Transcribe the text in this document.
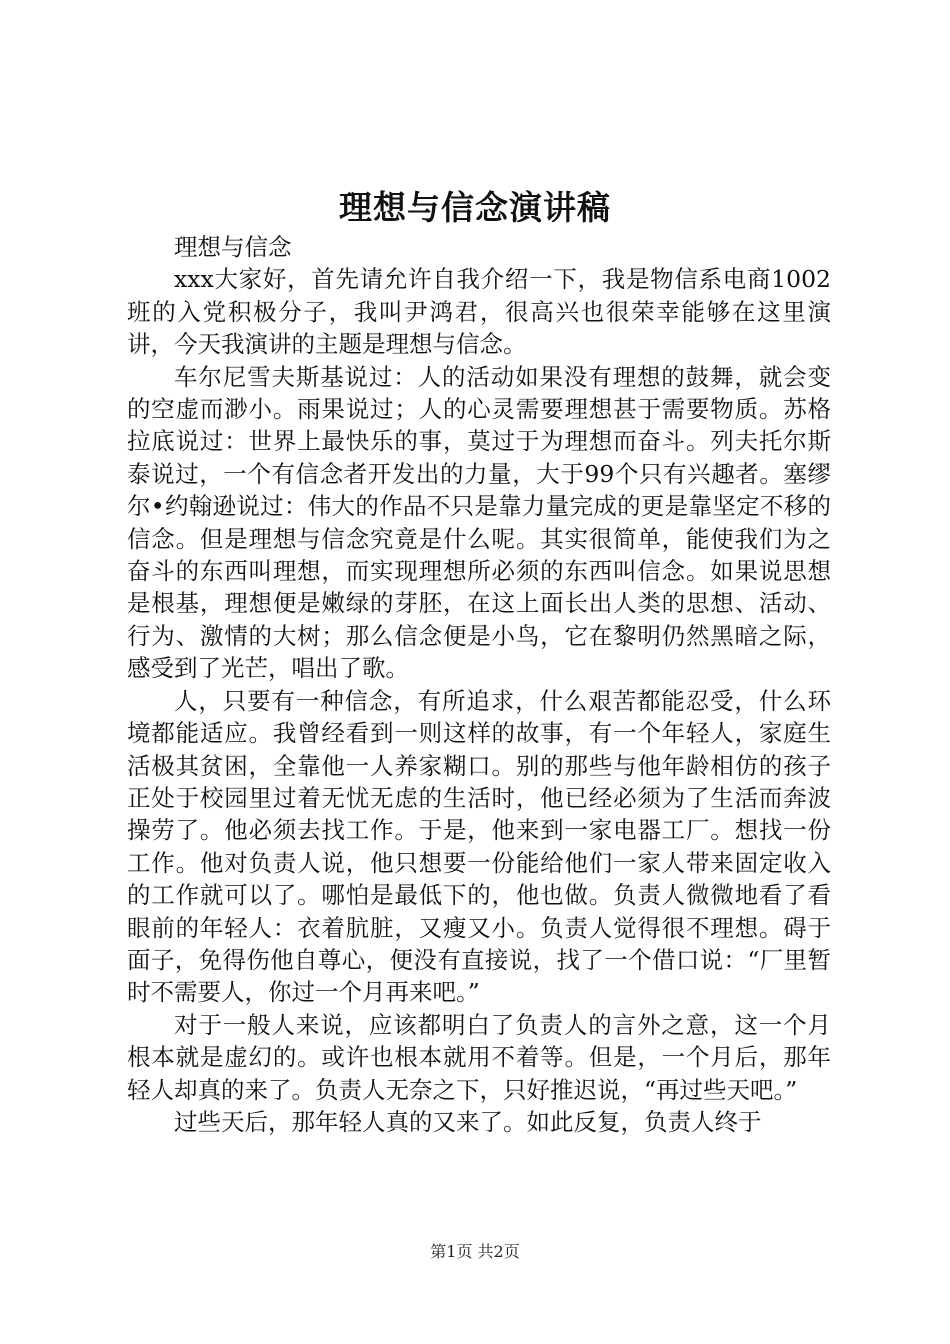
理想与信念演讲稿

理想与信念

xxx大家好，首先请允许自我介绍一下，我是物信系电商1002班的入党积极分子，我叫尹鸿君，很高兴也很荣幸能够在这里演讲，今天我演讲的主题是理想与信念。

车尔尼雪夫斯基说过：人的活动如果没有理想的鼓舞，就会变的空虚而渺小。雨果说过；人的心灵需要理想甚于需要物质。苏格拉底说过：世界上最快乐的事，莫过于为理想而奋斗。列夫托尔斯泰说过，一个有信念者开发出的力量，大于99个只有兴趣者。塞缪尔•约翰逊说过：伟大的作品不只是靠力量完成的更是靠坚定不移的信念。但是理想与信念究竟是什么呢。其实很简单，能使我们为之奋斗的东西叫理想，而实现理想所必须的东西叫信念。如果说思想是根基，理想便是嫩绿的芽胚，在这上面长出人类的思想、活动、行为、激情的大树；那么信念便是小鸟，它在黎明仍然黑暗之际，感受到了光芒，唱出了歌。

人，只要有一种信念，有所追求，什么艰苦都能忍受，什么环境都能适应。我曾经看到一则这样的故事，有一个年轻人，家庭生活极其贫困，全靠他一人养家糊口。别的那些与他年龄相仿的孩子正处于校园里过着无忧无虑的生活时，他已经必须为了生活而奔波操劳了。他必须去找工作。于是，他来到一家电器工厂。想找一份工作。他对负责人说，他只想要一份能给他们一家人带来固定收入的工作就可以了。哪怕是最低下的，他也做。负责人微微地看了看眼前的年轻人：衣着肮脏，又瘦又小。负责人觉得很不理想。碍于面子，免得伤他自尊心，便没有直接说，找了一个借口说：“厂里暂时不需要人，你过一个月再来吧。”

对于一般人来说，应该都明白了负责人的言外之意，这一个月根本就是虚幻的。或许也根本就用不着等。但是，一个月后，那年轻人却真的来了。负责人无奈之下，只好推迟说，“再过些天吧。”

过些天后，那年轻人真的又来了。如此反复，负责人终于

第1页 共2页
